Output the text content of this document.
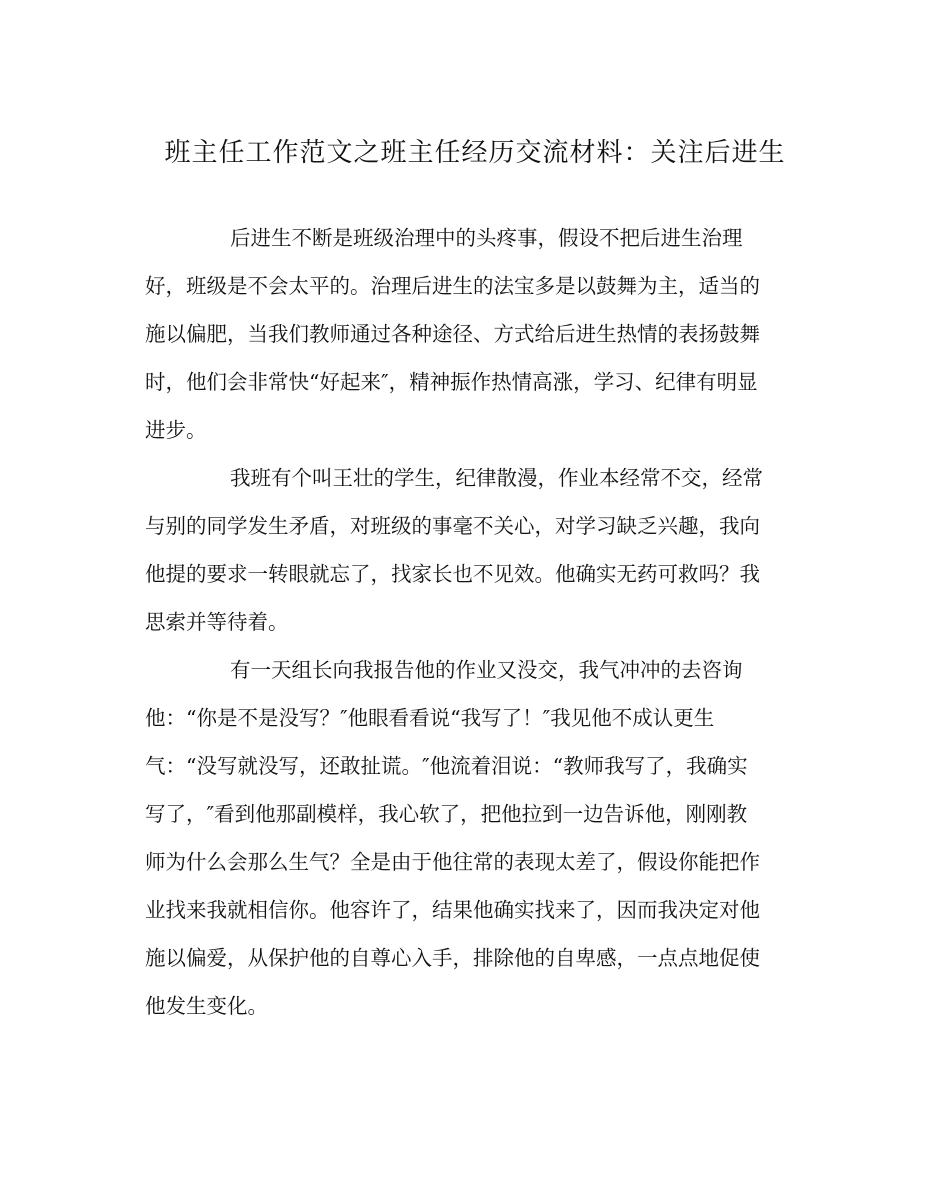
班主任工作范文之班主任经历交流材料：关注后进生
后进生不断是班级治理中的头疼事，假设不把后进生治理
好，班级是不会太平的。治理后进生的法宝多是以鼓舞为主，适当的
施以偏肥，当我们教师通过各种途径、方式给后进生热情的表扬鼓舞
时，他们会非常快“好起来″，精神振作热情高涨，学习、纪律有明显
进步。
我班有个叫王壮的学生，纪律散漫，作业本经常不交，经常
与别的同学发生矛盾，对班级的事毫不关心，对学习缺乏兴趣，我向
他提的要求一转眼就忘了，找家长也不见效。他确实无药可救吗？我
思索并等待着。
有一天组长向我报告他的作业又没交，我气冲冲的去咨询
他：“你是不是没写？″他眼看看说“我写了！″我见他不成认更生
气：“没写就没写，还敢扯谎。″他流着泪说：“教师我写了，我确实
写了，″看到他那副模样，我心软了，把他拉到一边告诉他，刚刚教
师为什么会那么生气？全是由于他往常的表现太差了，假设你能把作
业找来我就相信你。他容许了，结果他确实找来了，因而我决定对他
施以偏爱，从保护他的自尊心入手，排除他的自卑感，一点点地促使
他发生变化。
